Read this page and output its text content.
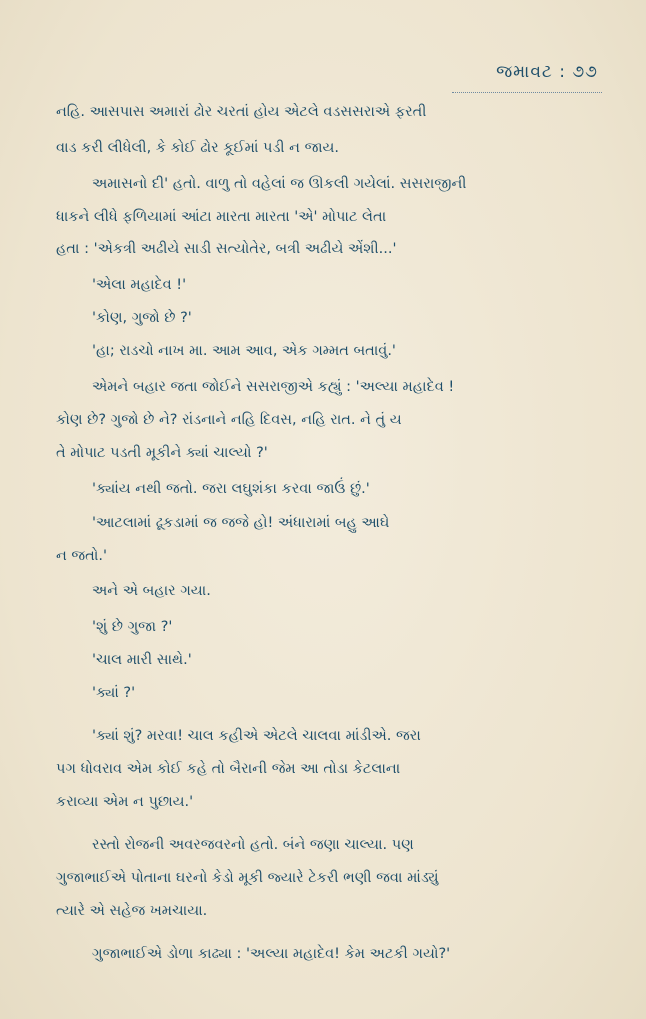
જમાવટ : ૭૭
નહિ. આસપાસ અમારાં ઢોર ચરતાં હોય એટલે વડસસરાએ ફરતી
વાડ કરી લીધેલી, કે કોઈ ઢોર કૂઈમાં પડી ન જાય.
અમાસનો દી' હતો. વાળુ તો વહેલાં જ ઊકલી ગયેલાં. સસરાજીની
ધાકને લીધે ફળિયામાં આંટા મારતા મારતા 'એ' મોપાટ લેતા
હતા : 'એકત્રી અઢીયે સાડી સત્યોતેર, બત્રી અઢીયે એંશી...'
'એલા મહાદેવ !'
'કોણ, ગુજો છે ?'
'હા; રાડચો નાખ મા. આમ આવ, એક ગમ્મત બતાવું.'
એમને બહાર જતા જોઈને સસરાજીએ કહ્યું : 'અલ્યા મહાદેવ !
કોણ છે? ગુજો છે ને? રાંડનાને નહિ દિવસ, નહિ રાત. ને તું ય
તે મોપાટ પડતી મૂકીને ક્યાં ચાલ્યો ?'
'ક્યાંય નથી જતો. જરા લઘુશંકા કરવા જાઉં છું.'
'આટલામાં ઢૂકડામાં જ જજે હો! અંધારામાં બહુ આઘે
ન જતો.'
અને એ બહાર ગયા.
'શું છે ગુજા ?'
'ચાલ મારી સાથે.'
'ક્યાં ?'
'ક્યાં શું? મરવા! ચાલ કહીએ એટલે ચાલવા માંડીએ. જરા
પગ ધોવરાવ એમ કોઈ કહે તો બૈરાની જેમ આ તોડા કેટલાના
કરાવ્યા એમ ન પુછાય.'
રસ્તો રોજની અવરજવરનો હતો. બંને જણા ચાલ્યા. પણ
ગુજાભાઈએ પોતાના ઘરનો કેડો મૂકી જ્યારે ટેકરી ભણી જવા માંડ્યું
ત્યારે એ સહેજ ખમચાયા.
ગુજાભાઈએ ડોળા કાઢ્યા : 'અલ્યા મહાદેવ! કેમ અટકી ગયો?'
